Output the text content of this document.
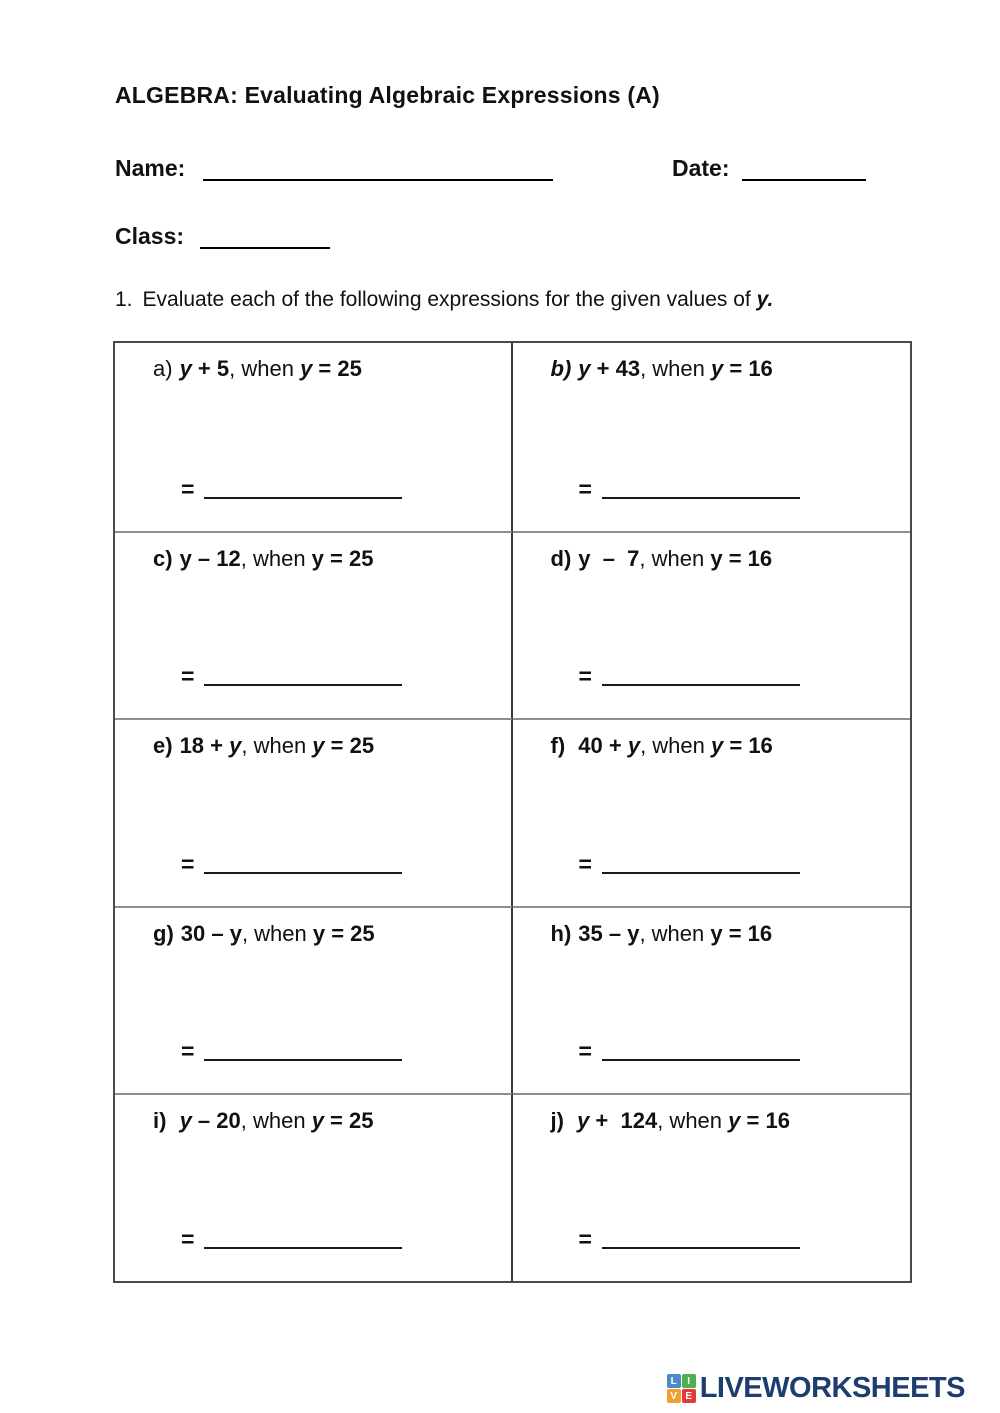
ALGEBRA: Evaluating Algebraic Expressions (A)
Name:	Date:
Class:

1. Evaluate each of the following expressions for the given values of y.

a) y + 5, when y = 25
=
b) y + 43, when y = 16
=
c) y – 12, when y = 25
=
d) y  –  7, when y = 16
=
e) 18 + y, when y = 25
=
f) 40 + y, when y = 16
=
g) 30 – y, when y = 25
=
h) 35 – y, when y = 16
=
i) y – 20, when y = 25
=
j) y +  124, when y = 16
=
L	I
V E LIVEWORKSHEETS
